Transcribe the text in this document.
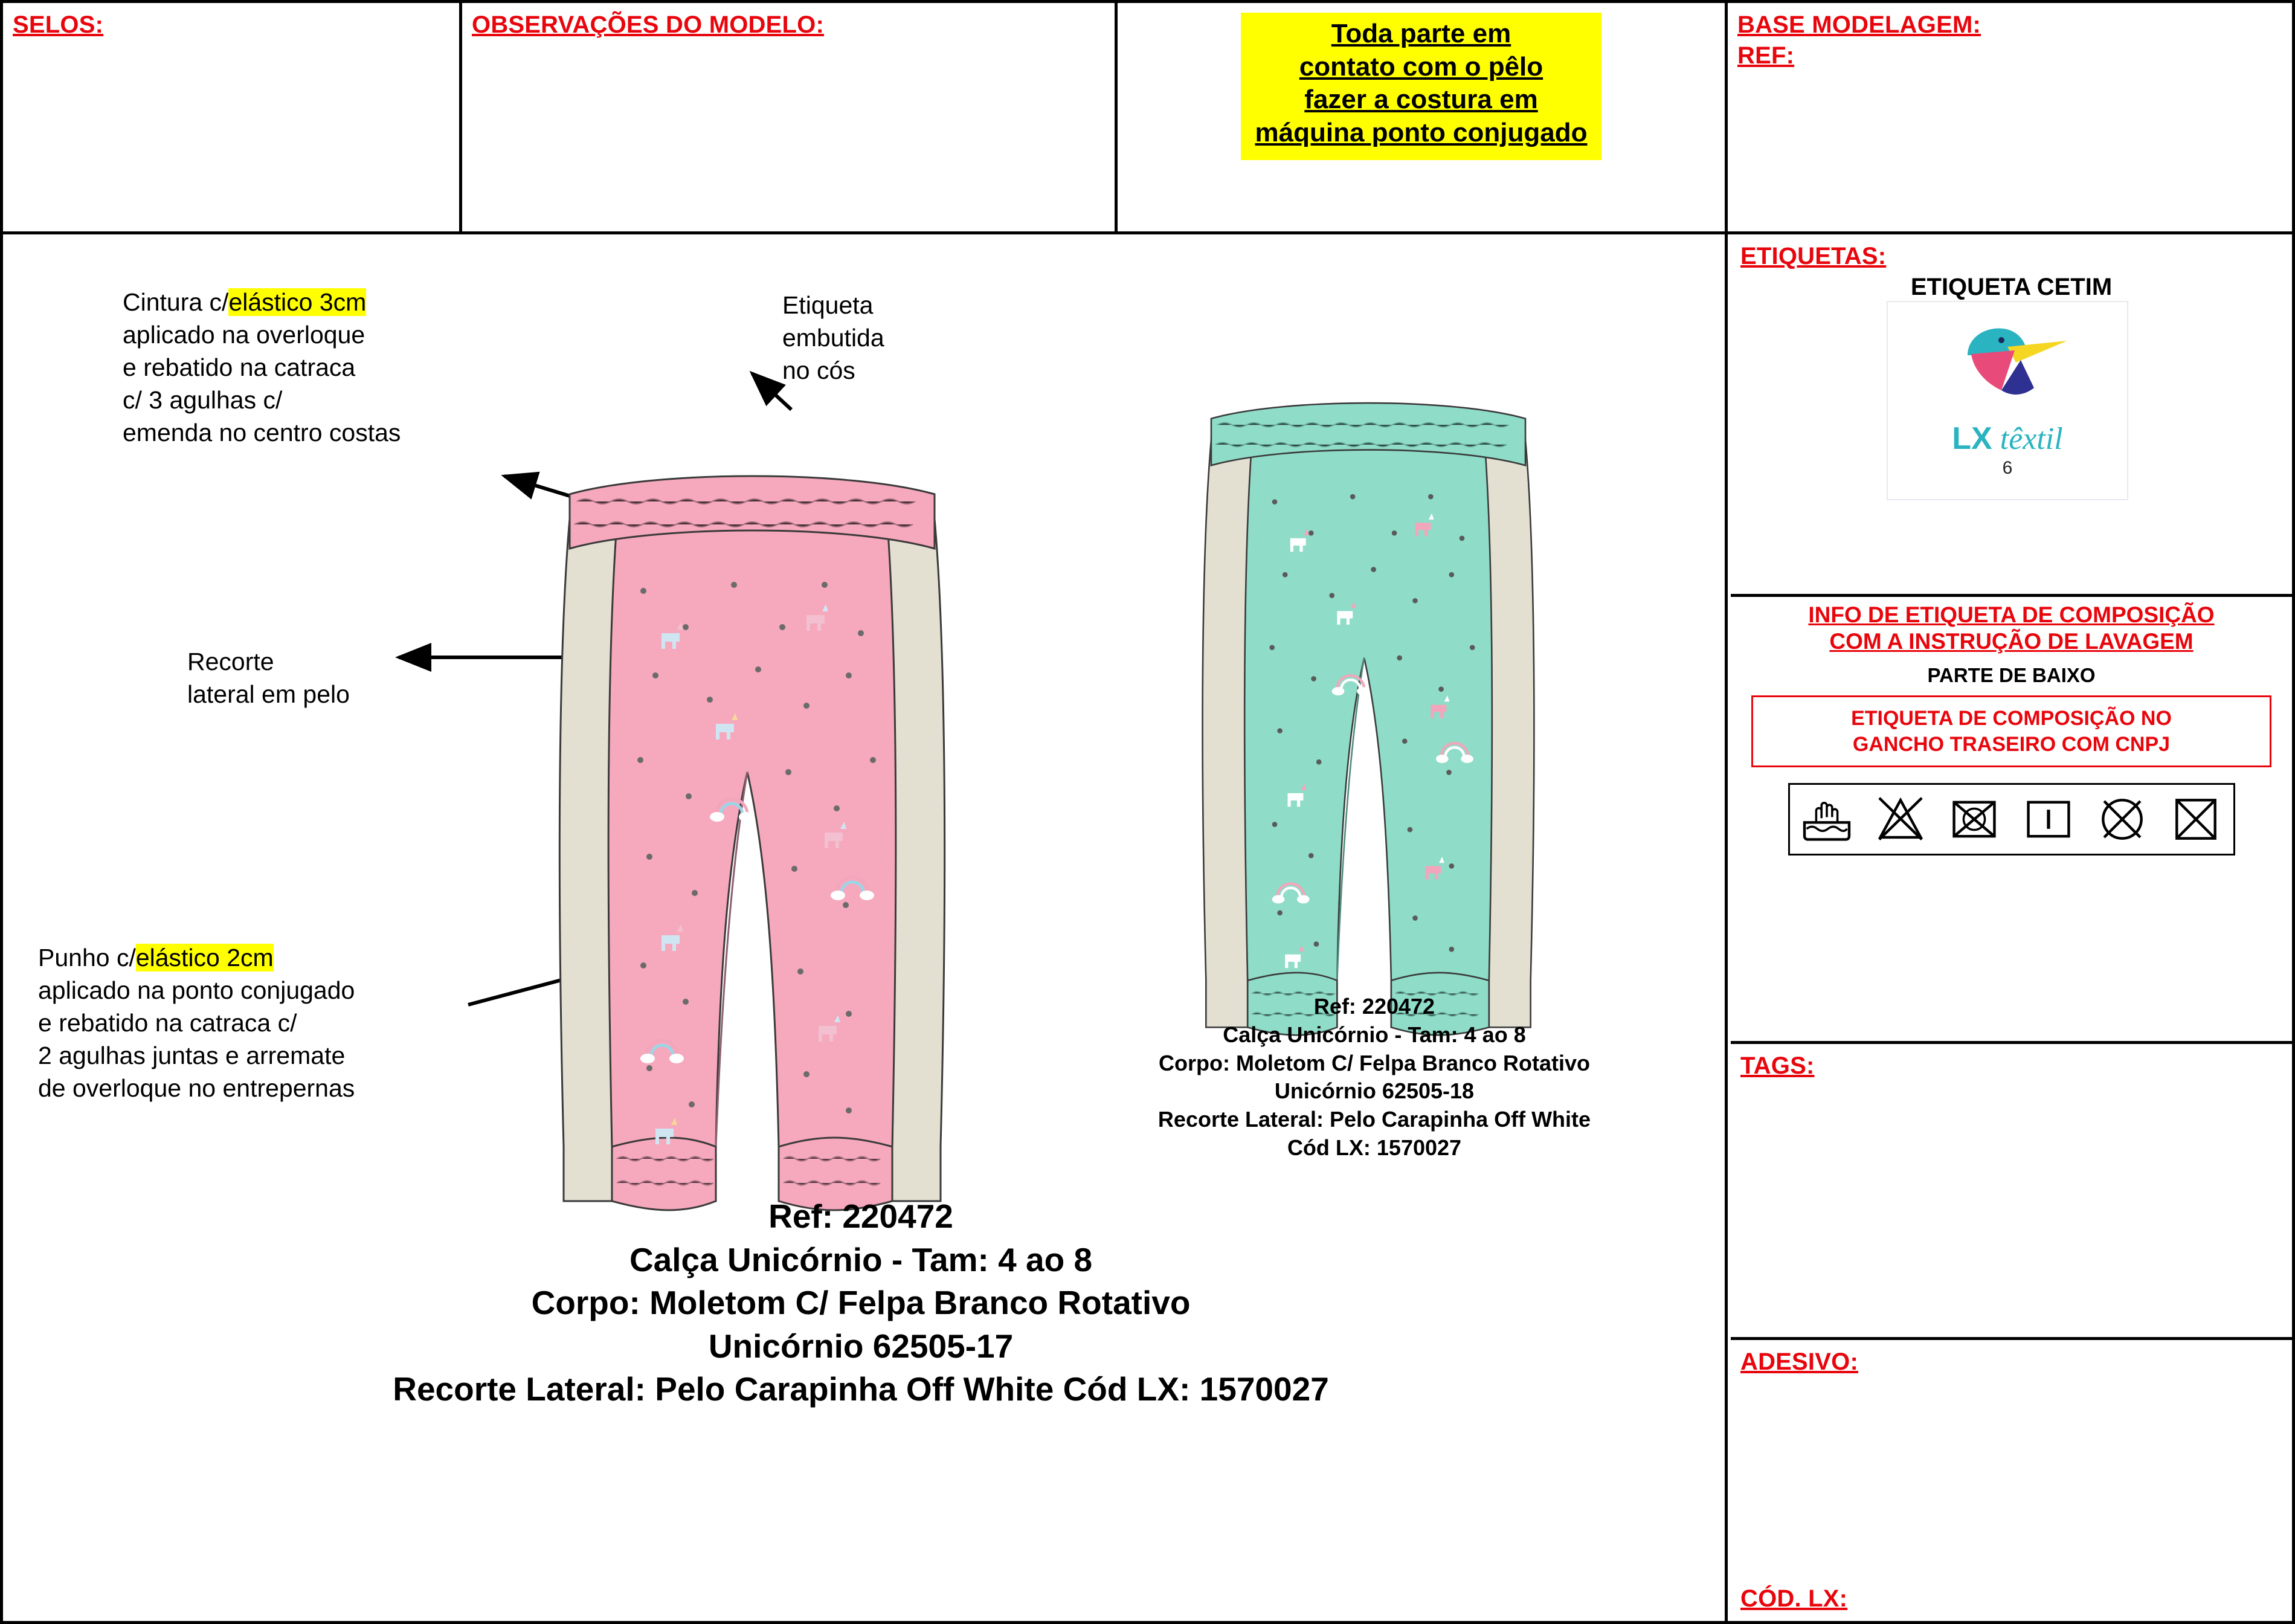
SELOS:	OBSERVAÇÕES DO MODELO:	Toda parte em
contato com o pêlo
fazer a costura em
máquina ponto conjugado
BASE MODELAGEM:
REF:
Cintura c/elástico 3cm
aplicado na overloque
e rebatido na catraca
c/ 3 agulhas c/
emenda no centro costas
Etiqueta
embutida
no cós
Recorte
lateral em pelo
Punho c/elástico 2cm
aplicado na ponto conjugado
e rebatido na catraca c/
2 agulhas juntas e arremate
de overloque no entrepernas
Ref: 220472
Calça Unicórnio - Tam: 4 ao 8
Corpo: Moletom C/ Felpa Branco Rotativo
Unicórnio 62505-18
Recorte Lateral: Pelo Carapinha Off White
Cód LX: 1570027
Ref: 220472
Calça Unicórnio - Tam: 4 ao 8
Corpo: Moletom C/ Felpa Branco Rotativo
Unicórnio 62505-17
Recorte Lateral: Pelo Carapinha Off White Cód LX: 1570027
ETIQUETAS:
ETIQUETA CETIM
LX têxtil
6
INFO DE ETIQUETA DE COMPOSIÇÃO
COM A INSTRUÇÃO DE LAVAGEM
PARTE DE BAIXO
ETIQUETA DE COMPOSIÇÃO NO
GANCHO TRASEIRO COM CNPJ
TAGS:
ADESIVO:
CÓD. LX:
